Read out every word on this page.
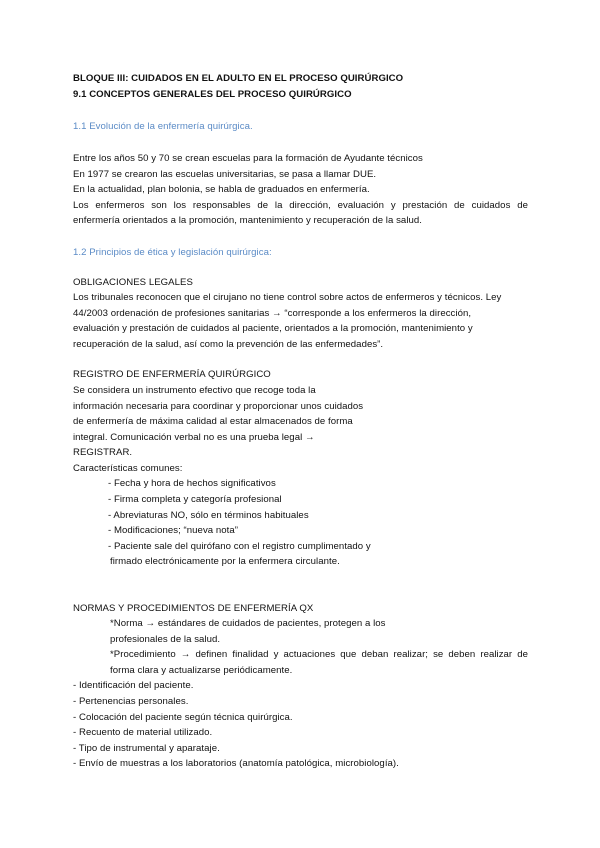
BLOQUE III: CUIDADOS EN EL ADULTO EN EL PROCESO QUIRÚRGICO
9.1 CONCEPTOS GENERALES DEL PROCESO QUIRÚRGICO
1.1 Evolución de la enfermería quirúrgica.
Entre los años 50 y 70 se crean escuelas para la formación de Ayudante técnicos
En 1977 se crearon las escuelas universitarias, se pasa a llamar DUE.
En la actualidad, plan bolonia, se habla de graduados en enfermería.
Los enfermeros son los responsables de la dirección, evaluación y prestación de cuidados de
enfermería orientados a la promoción, mantenimiento y recuperación de la salud.
1.2 Principios de ética y legislación quirúrgica:
OBLIGACIONES LEGALES
Los tribunales reconocen que el cirujano no tiene control sobre actos de enfermeros y técnicos. Ley
44/2003 ordenación de profesiones sanitarias → “corresponde a los enfermeros la dirección,
evaluación y prestación de cuidados al paciente, orientados a la promoción, mantenimiento y
recuperación de la salud, así como la prevención de las enfermedades”.
REGISTRO DE ENFERMERÍA QUIRÚRGICO
Se considera un instrumento efectivo que recoge toda la
información necesaria para coordinar y proporcionar unos cuidados
de enfermería de máxima calidad al estar almacenados de forma
integral. Comunicación verbal no es una prueba legal →
REGISTRAR.
Características comunes:
- Fecha y hora de hechos significativos
- Firma completa y categoría profesional
- Abreviaturas NO, sólo en términos habituales
- Modificaciones; “nueva nota”
- Paciente sale del quirófano con el registro cumplimentado y
firmado electrónicamente por la enfermera circulante.
NORMAS Y PROCEDIMIENTOS DE ENFERMERÍA QX
*Norma → estándares de cuidados de pacientes, protegen a los
profesionales de la salud.
*Procedimiento → definen finalidad y actuaciones que deban realizar; se deben realizar de
forma clara y actualizarse periódicamente.
- Identificación del paciente.
- Pertenencias personales.
- Colocación del paciente según técnica quirúrgica.
- Recuento de material utilizado.
- Tipo de instrumental y aparataje.
- Envío de muestras a los laboratorios (anatomía patológica, microbiología).
